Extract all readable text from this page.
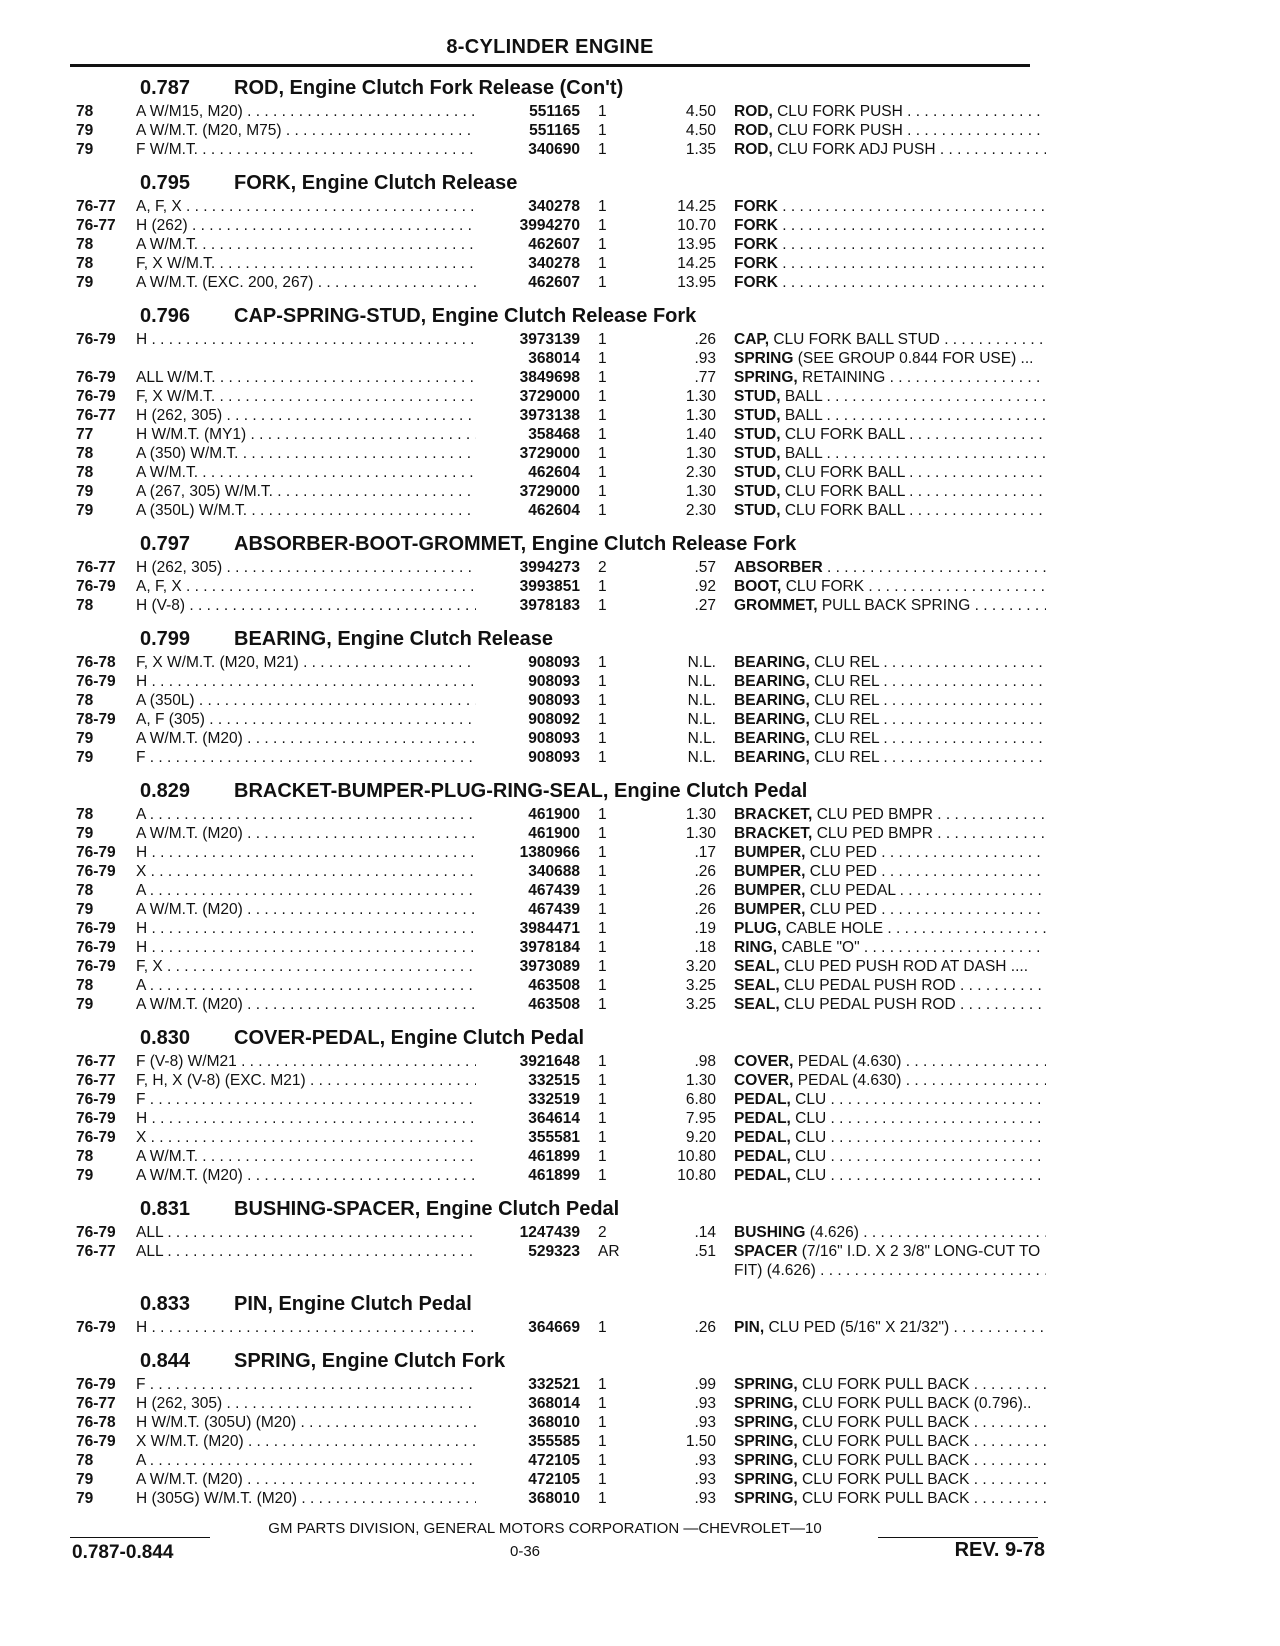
8-CYLINDER ENGINE
0.787 ROD, Engine Clutch Fork Release (Con't)
78	A W/M15, M20) . . .	551165 1	4.50 ROD, CLU FORK PUSH . . .
79	A W/M.T. (M20, M75) . . .	551165 1	4.50 ROD, CLU FORK PUSH . . .
79	F W/M.T. . . .	340690 1	1.35 ROD, CLU FORK ADJ PUSH . . .
0.795 FORK, Engine Clutch Release
76-77 A, F, X . . .	340278 1	14.25 FORK . . .
76-77 H (262) . . .	3994270 1	10.70 FORK . . .
78	A W/M.T. . . .	462607 1	13.95 FORK . . .
78	F, X W/M.T. . . .	340278 1	14.25 FORK . . .
79	A W/M.T. (EXC. 200, 267) . . .	462607 1	13.95 FORK . . .
0.796 CAP-SPRING-STUD, Engine Clutch Release Fork
76-79 H . . .	3973139 1	.26 CAP, CLU FORK BALL STUD . . .
368014 1	.93 SPRING (SEE GROUP 0.844 FOR USE) ...
76-79 ALL W/M.T. . . .	3849698 1	.77 SPRING, RETAINING . . .
76-79 F, X W/M.T. . . .	3729000 1	1.30 STUD, BALL . . .
76-77 H (262, 305) . . .	3973138 1	1.30 STUD, BALL . . .
77	H W/M.T. (MY1) . . .	358468 1	1.40 STUD, CLU FORK BALL . . .
78	A (350) W/M.T. . . .	3729000 1	1.30 STUD, BALL . . .
78	A W/M.T. . . .	462604 1	2.30 STUD, CLU FORK BALL . . .
79	A (267, 305) W/M.T. . . .	3729000 1	1.30 STUD, CLU FORK BALL . . .
79	A (350L) W/M.T. . . .	462604 1	2.30 STUD, CLU FORK BALL . . .
0.797 ABSORBER-BOOT-GROMMET, Engine Clutch Release Fork
76-77 H (262, 305) . . .	3994273 2	.57 ABSORBER . . .
76-79 A, F, X . . .	3993851 1	.92 BOOT, CLU FORK . . .
78	H (V-8) . . .	3978183 1	.27 GROMMET, PULL BACK SPRING . . .
0.799 BEARING, Engine Clutch Release
76-78 F, X W/M.T. (M20, M21) . . .	908093 1	N.L. BEARING, CLU REL . . .
76-79 H . . .	908093 1	N.L. BEARING, CLU REL . . .
78	A (350L) . . .	908093 1	N.L. BEARING, CLU REL . . .
78-79 A, F (305) . . .	908092 1	N.L. BEARING, CLU REL . . .
79	A W/M.T. (M20) . . .	908093 1	N.L. BEARING, CLU REL . . .
79	F . . .	908093 1	N.L. BEARING, CLU REL . . .
0.829 BRACKET-BUMPER-PLUG-RING-SEAL, Engine Clutch Pedal
78	A . . .	461900 1	1.30 BRACKET, CLU PED BMPR . . .
79	A W/M.T. (M20) . . .	461900 1	1.30 BRACKET, CLU PED BMPR . . .
76-79 H . . .	1380966 1	.17 BUMPER, CLU PED . . .
76-79 X . . .	340688 1	.26 BUMPER, CLU PED . . .
78	A . . .	467439 1	.26 BUMPER, CLU PEDAL . . .
79	A W/M.T. (M20) . . .	467439 1	.26 BUMPER, CLU PED . . .
76-79 H . . .	3984471 1	.19 PLUG, CABLE HOLE . . .
76-79 H . . .	3978184 1	.18 RING, CABLE "O" . . .
76-79 F, X . . .	3973089 1	3.20 SEAL, CLU PED PUSH ROD AT DASH ....
78	A . . .	463508 1	3.25 SEAL, CLU PEDAL PUSH ROD . . .
79	A W/M.T. (M20) . . .	463508 1	3.25 SEAL, CLU PEDAL PUSH ROD . . .
0.830 COVER-PEDAL, Engine Clutch Pedal
76-77 F (V-8) W/M21 . . .	3921648 1	.98 COVER, PEDAL (4.630) . . .
76-77 F, H, X (V-8) (EXC. M21) . . .	332515 1	1.30 COVER, PEDAL (4.630) . . .
76-79 F . . .	332519 1	6.80 PEDAL, CLU . . .
76-79 H . . .	364614 1	7.95 PEDAL, CLU . . .
76-79 X . . .	355581 1	9.20 PEDAL, CLU . . .
78	A W/M.T. . . .	461899 1	10.80 PEDAL, CLU . . .
79	A W/M.T. (M20) . . .	461899 1	10.80 PEDAL, CLU . . .
0.831 BUSHING-SPACER, Engine Clutch Pedal
76-79 ALL . . .	1247439 2	.14 BUSHING (4.626) . . .
76-77 ALL . . .	529323 AR	.51 SPACER (7/16" I.D. X 2 3/8" LONG-CUT TO
FIT) (4.626) . . .
0.833 PIN, Engine Clutch Pedal
76-79 H . . .	364669 1	.26 PIN, CLU PED (5/16" X 21/32") . . .
0.844 SPRING, Engine Clutch Fork
76-79 F . . .	332521 1	.99 SPRING, CLU FORK PULL BACK . . .
76-77 H (262, 305) . . .	368014 1	.93 SPRING, CLU FORK PULL BACK (0.796)..
76-78 H W/M.T. (305U) (M20) . . .	368010 1	.93 SPRING, CLU FORK PULL BACK . . .
76-79 X W/M.T. (M20) . . .	355585 1	1.50 SPRING, CLU FORK PULL BACK . . .
78	A . . .	472105 1	.93 SPRING, CLU FORK PULL BACK . . .
79	A W/M.T. (M20) . . .	472105 1	.93 SPRING, CLU FORK PULL BACK . . .
79	H (305G) W/M.T. (M20) . . .	368010 1	.93 SPRING, CLU FORK PULL BACK . . .
GM PARTS DIVISION, GENERAL MOTORS CORPORATION —CHEVROLET—10
0.787-0.844	0-36	REV. 9-78
